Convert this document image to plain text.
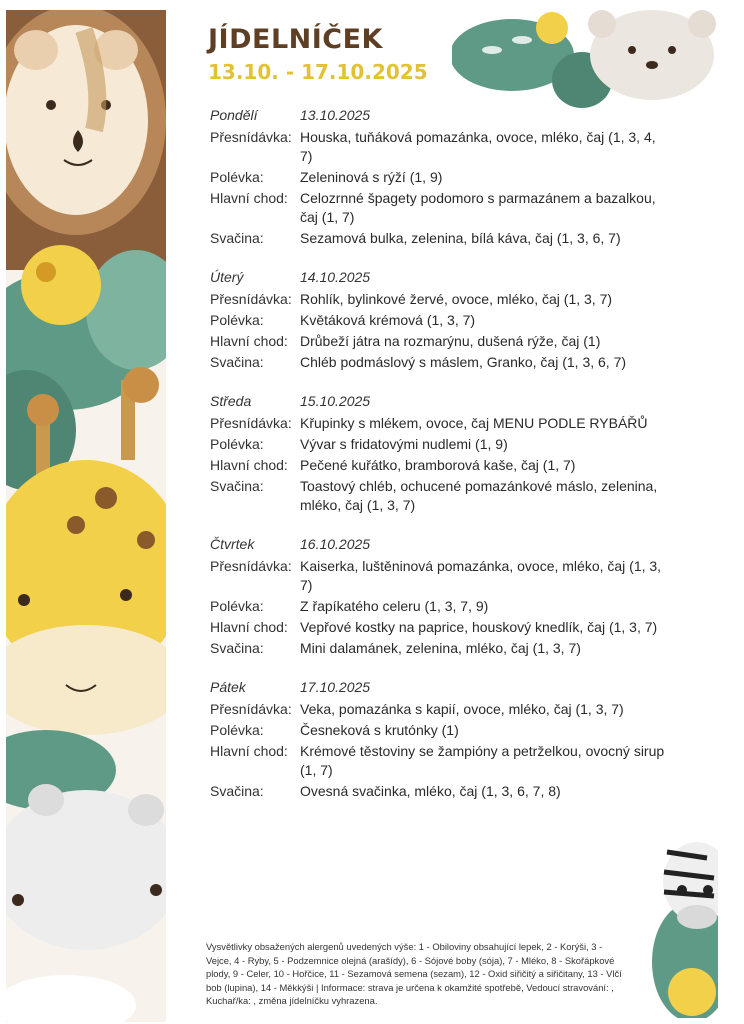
JÍDELNÍČEK
13.10. - 17.10.2025
Pondělí	13.10.2025
Přesnídávka: Houska, tuňáková pomazánka, ovoce, mléko, čaj (1, 3, 4, 7)
Polévka:	Zeleninová s rýží (1, 9)
Hlavní chod: Celozrnné špagety podomoro s parmazánem a bazalkou, čaj (1, 7)
Svačina:	Sezamová bulka, zelenina, bílá káva, čaj (1, 3, 6, 7)
Úterý	14.10.2025
Přesnídávka: Rohlík, bylinkové žervé, ovoce, mléko, čaj (1, 3, 7)
Polévka:	Květáková krémová (1, 3, 7)
Hlavní chod: Drůbeží játra na rozmarýnu, dušená rýže, čaj (1)
Svačina:	Chléb podmáslový s máslem, Granko, čaj (1, 3, 6, 7)
Středa	15.10.2025
Přesnídávka: Křupinky s mlékem, ovoce, čaj MENU PODLE RYBÁŘŮ
Polévka:	Vývar s fridatovými nudlemi (1, 9)
Hlavní chod: Pečené kuřátko, bramborová kaše, čaj (1, 7)
Svačina:	Toastový chléb, ochucené pomazánkové máslo, zelenina, mléko, čaj (1, 3, 7)
Čtvrtek	16.10.2025
Přesnídávka: Kaiserka, luštěninová pomazánka, ovoce, mléko, čaj (1, 3, 7)
Polévka:	Z řapíkatého celeru (1, 3, 7, 9)
Hlavní chod: Vepřové kostky na paprice, houskový knedlík, čaj (1, 3, 7)
Svačina:	Mini dalamánek, zelenina, mléko, čaj (1, 3, 7)
Pátek	17.10.2025
Přesnídávka: Veka, pomazánka s kapií, ovoce, mléko, čaj (1, 3, 7)
Polévka:	Česneková s krutónky (1)
Hlavní chod: Krémové těstoviny se žampióny a petrželkou, ovocný sirup (1, 7)
Svačina:	Ovesná svačinka, mléko, čaj (1, 3, 6, 7, 8)
Vysvětlivky obsažených alergenů uvedených výše: 1 - Obiloviny obsahující lepek, 2 - Korýši, 3 - Vejce, 4 - Ryby, 5 - Podzemnice olejná (arašídy), 6 - Sójové boby (sója), 7 - Mléko, 8 - Skořápkové plody, 9 - Celer, 10 - Hořčice, 11 - Sezamová semena (sezam), 12 - Oxid siřičitý a siřičitany, 13 - Vlčí bob (lupina), 14 - Měkkýši | Informace: strava je určena k okamžité spotřebě, Vedoucí stravování: , Kuchař/ka: , změna jídelníčku vyhrazena.
